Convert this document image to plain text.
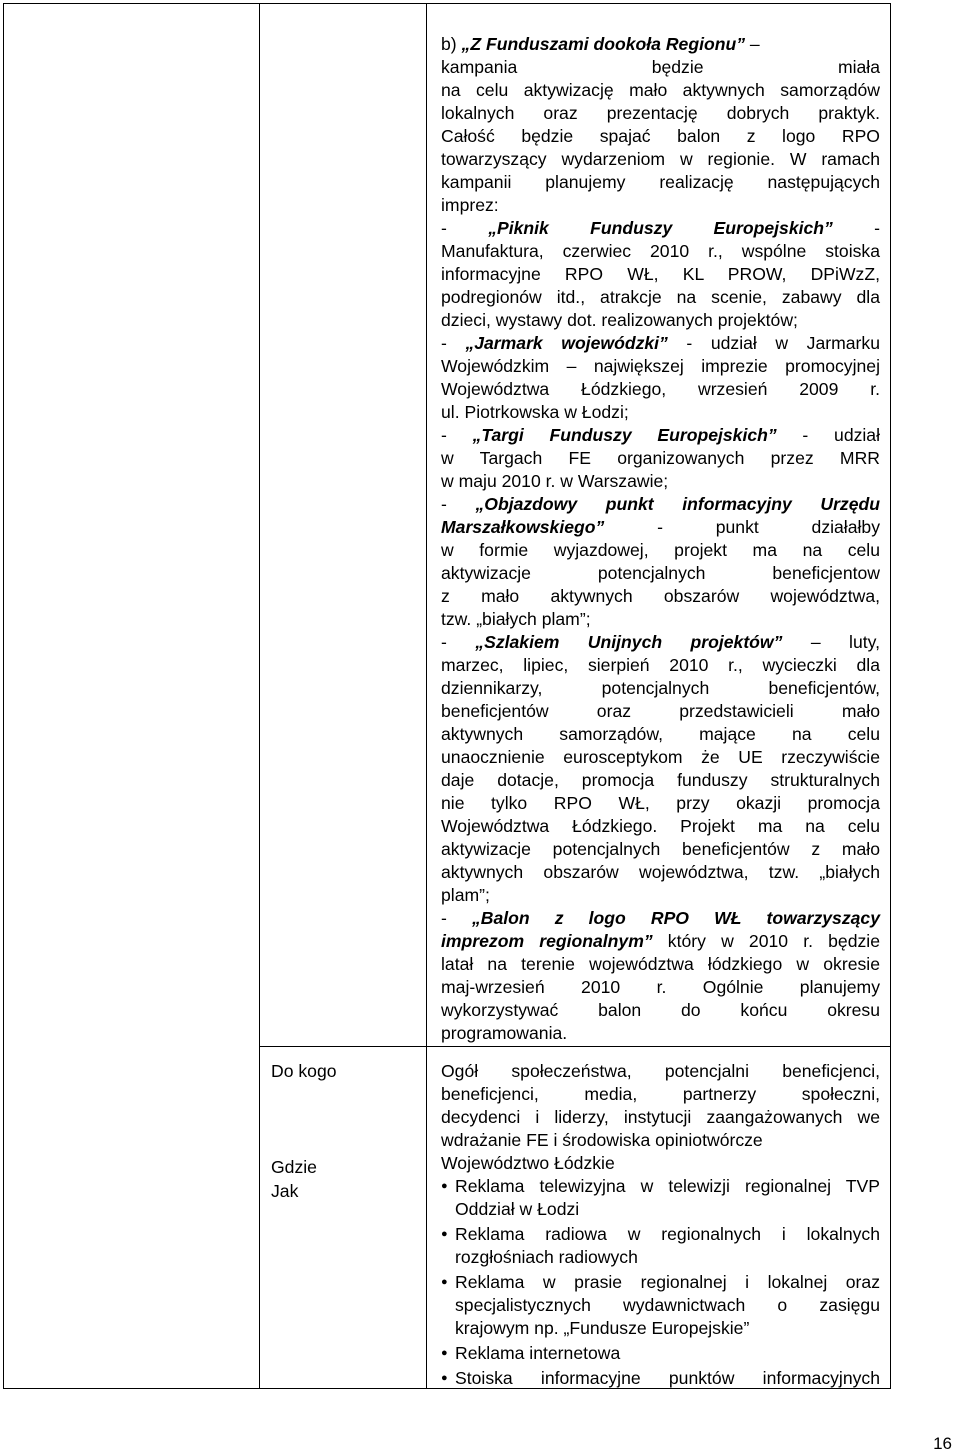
Do kogo
Gdzie
Jak

b) „Z Funduszami dookoła Regionu” –

kampania będzie miała

na celu aktywizację mało aktywnych samorządów

lokalnych oraz prezentację dobrych praktyk.

Całość będzie spajać balon z logo RPO

towarzyszący wydarzeniom w regionie. W ramach

kampanii planujemy realizację następujących

imprez:

- „Piknik Funduszy Europejskich” -

Manufaktura, czerwiec 2010 r., wspólne stoiska

informacyjne RPO WŁ, KL PROW, DPiWzZ,

podregionów itd., atrakcje na scenie, zabawy dla

dzieci, wystawy dot. realizowanych projektów;

- „Jarmark wojewódzki” - udział w Jarmarku

Wojewódzkim – największej imprezie promocyjnej

Województwa Łódzkiego, wrzesień 2009 r.

ul. Piotrkowska w Łodzi;

- „Targi Funduszy Europejskich” - udział

w Targach FE organizowanych przez MRR

w maju 2010 r. w Warszawie;

- „Objazdowy punkt informacyjny Urzędu

Marszałkowskiego” - punkt działałby

w formie wyjazdowej, projekt ma na celu

aktywizacje potencjalnych beneficjentow

z mało aktywnych obszarów województwa,

tzw. „białych plam”;

- „Szlakiem Unijnych projektów” – luty,

marzec, lipiec, sierpień 2010 r., wycieczki dla

dziennikarzy, potencjalnych beneficjentów,

beneficjentów oraz przedstawicieli mało

aktywnych samorządów, mające na celu

unaocznienie eurosceptykom że UE rzeczywiście

daje dotacje, promocja funduszy strukturalnych

nie tylko RPO WŁ, przy okazji promocja

Województwa Łódzkiego. Projekt ma na celu

aktywizacje potencjalnych beneficjentów z mało

aktywnych obszarów województwa, tzw. „białych

plam”;

- „Balon z logo RPO WŁ towarzyszący

imprezom regionalnym” który w 2010 r. będzie

latał na terenie województwa łódzkiego w okresie

maj-wrzesień 2010 r. Ogólnie planujemy

wykorzystywać balon do końcu okresu

programowania.

Ogół społeczeństwa, potencjalni beneficjenci,

beneficjenci, media, partnerzy społeczni,

decydenci i liderzy, instytucji zaangażowanych we

wdrażanie FE i środowiska opiniotwórcze

Województwo Łódzkie

● Reklama telewizyjna w telewizji regionalnej TVP

Oddział w Łodzi

● Reklama radiowa w regionalnych i lokalnych

rozgłośniach radiowych

● Reklama w prasie regionalnej i lokalnej oraz

specjalistycznych wydawnictwach o zasięgu

krajowym np. „Fundusze Europejskie”

● Reklama internetowa

● Stoiska informacyjne punktów informacyjnych

16
